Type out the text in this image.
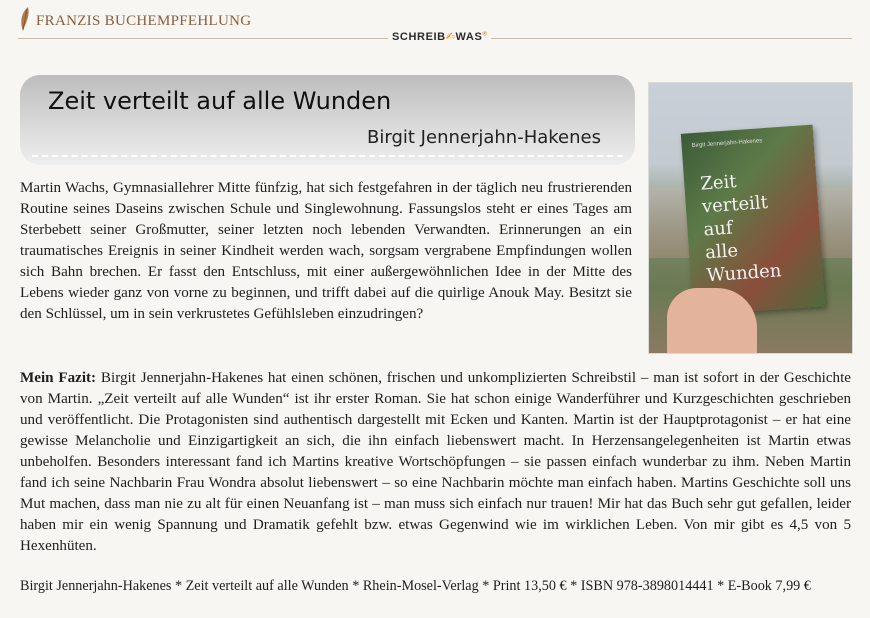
FRANZIS BUCHEMPFEHLUNG
SCHREIB✍WAS®
Zeit verteilt auf alle Wunden
Birgit Jennerjahn-Hakenes	Birgit Jennerjahn-Hakenes
Zeit
verteilt
auf
alle
Wunden

Martin Wachs, Gymnasiallehrer Mitte fünfzig, hat sich festgefahren in der täglich neu frustrierenden Routine seines Daseins zwischen Schule und Singlewohnung. Fassungslos steht er eines Tages am Sterbebett seiner Großmutter, seiner letzten noch lebenden Verwandten. Erinnerungen an ein traumatisches Ereignis in seiner Kindheit werden wach, sorgsam vergrabene Empfindungen wollen sich Bahn brechen. Er fasst den Entschluss, mit einer außergewöhnlichen Idee in der Mitte des Lebens wieder ganz von vorne zu beginnen, und trifft dabei auf die quirlige Anouk May. Besitzt sie den Schlüssel, um in sein verkrustetes Gefühlsleben einzudringen?

Mein Fazit: Birgit Jennerjahn-Hakenes hat einen schönen, frischen und unkomplizierten Schreibstil – man ist sofort in der Geschichte von Martin. „Zeit verteilt auf alle Wunden“ ist ihr erster Roman. Sie hat schon einige Wanderführer und Kurzgeschichten geschrieben und veröffentlicht. Die Protagonisten sind authentisch dargestellt mit Ecken und Kanten. Martin ist der Hauptprotagonist – er hat eine gewisse Melancholie und Einzigartigkeit an sich, die ihn einfach liebenswert macht. In Herzensangelegenheiten ist Martin etwas unbeholfen. Besonders interessant fand ich Martins kreative Wortschöpfungen – sie passen einfach wunderbar zu ihm. Neben Martin fand ich seine Nachbarin Frau Wondra absolut liebenswert – so eine Nachbarin möchte man einfach haben. Martins Geschichte soll uns Mut machen, dass man nie zu alt für einen Neuanfang ist – man muss sich einfach nur trauen! Mir hat das Buch sehr gut gefallen, leider haben mir ein wenig Spannung und Dramatik gefehlt bzw. etwas Gegenwind wie im wirklichen Leben. Von mir gibt es 4,5 von 5 Hexenhüten.

Birgit Jennerjahn-Hakenes * Zeit verteilt auf alle Wunden * Rhein-Mosel-Verlag * Print 13,50 € * ISBN 978-3898014441 * E-Book 7,99 €
